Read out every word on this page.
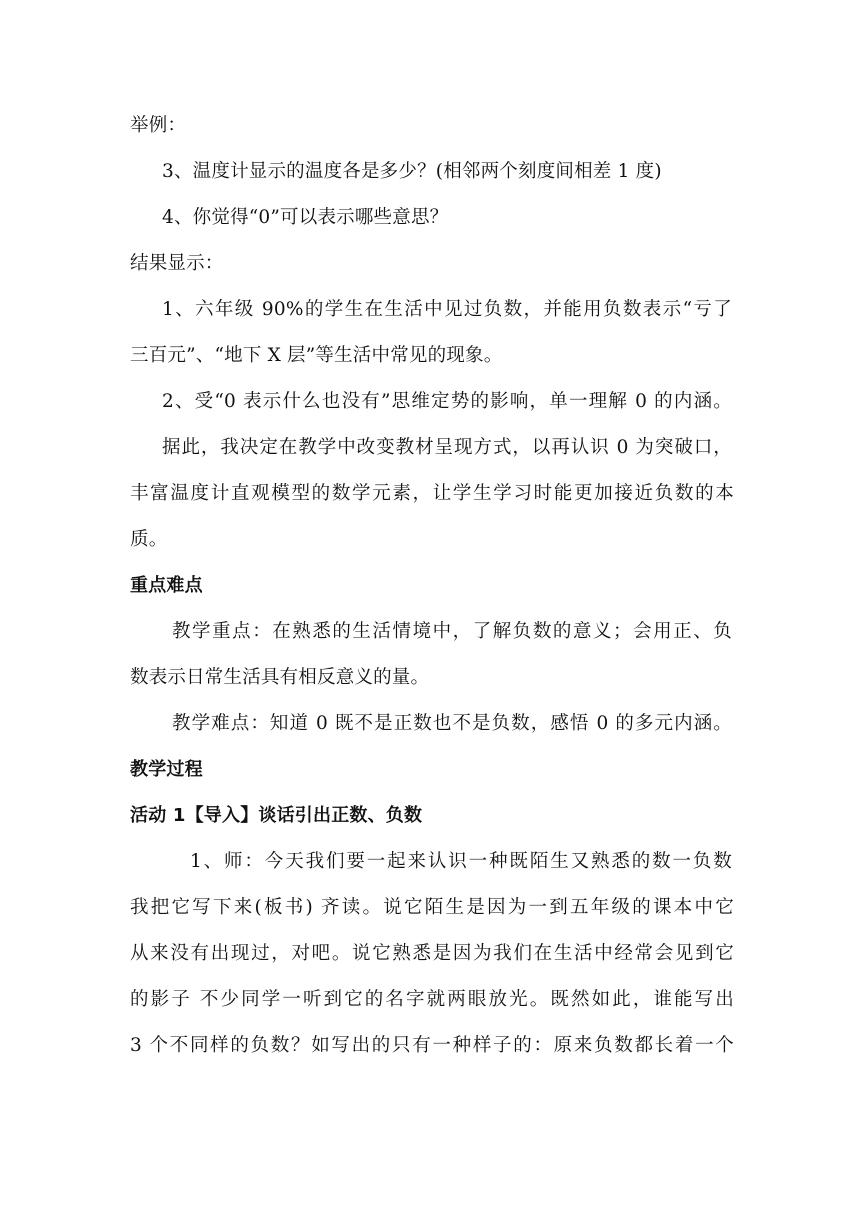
举例：
3、温度计显示的温度各是多少？(相邻两个刻度间相差 1 度)
4、你觉得“0”可以表示哪些意思？
结果显示：
1、六年级 90%的学生在生活中见过负数，并能用负数表示“亏了
三百元”、“地下 X 层”等生活中常见的现象。
2、受“0 表示什么也没有”思维定势的影响，单一理解 0 的内涵。
据此，我决定在教学中改变教材呈现方式，以再认识 0 为突破口，
丰富温度计直观模型的数学元素，让学生学习时能更加接近负数的本
质。
重点难点
教学重点：在熟悉的生活情境中，了解负数的意义；会用正、负
数表示日常生活具有相反意义的量。
教学难点：知道 0 既不是正数也不是负数，感悟 0 的多元内涵。
教学过程
活动 1【导入】谈话引出正数、负数
1、师：今天我们要一起来认识一种既陌生又熟悉的数一负数
我把它写下来(板书) 齐读。说它陌生是因为一到五年级的课本中它
从来没有出现过，对吧。说它熟悉是因为我们在生活中经常会见到它
的影子 不少同学一听到它的名字就两眼放光。既然如此，谁能写出
3 个不同样的负数？如写出的只有一种样子的：原来负数都长着一个
